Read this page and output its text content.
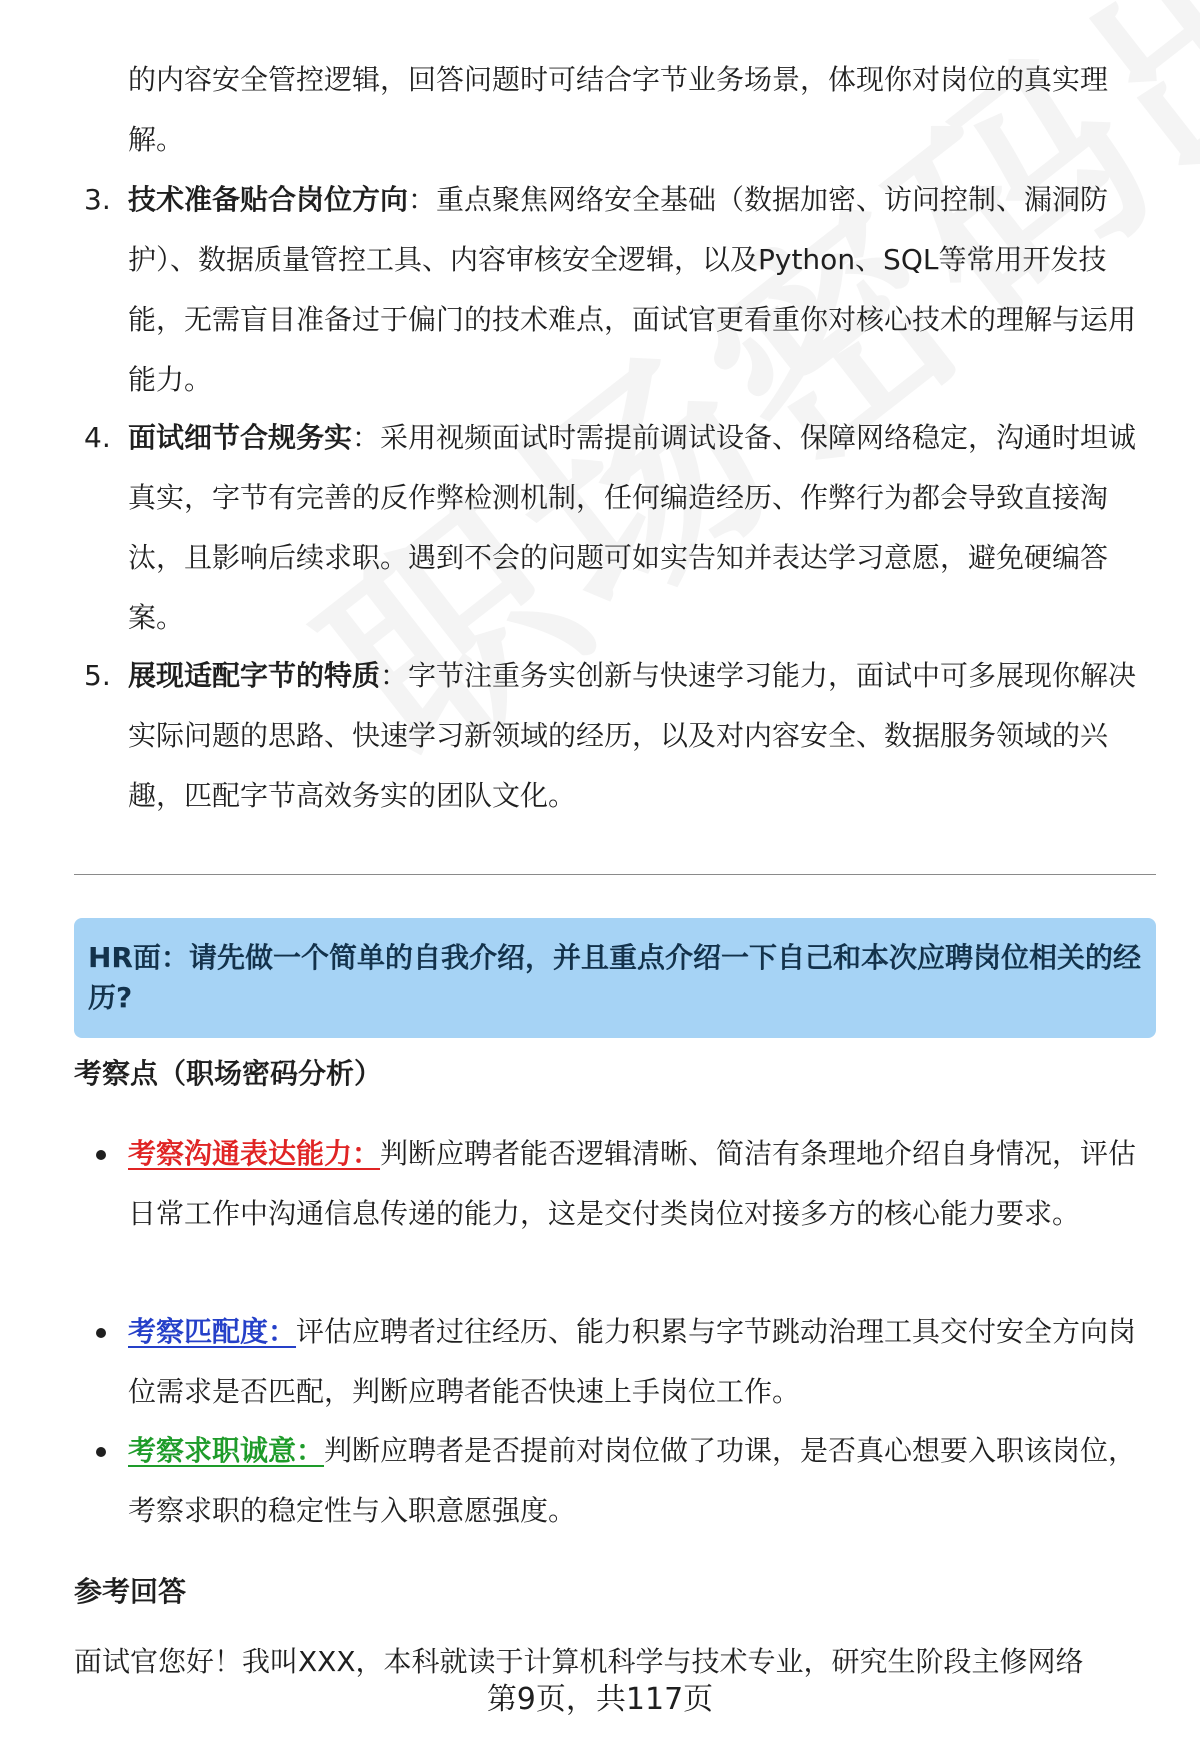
的内容安全管控逻辑，回答问题时可结合字节业务场景，体现你对岗位的真实理解。
3. 技术准备贴合岗位方向：重点聚焦网络安全基础（数据加密、访问控制、漏洞防护）、数据质量管控工具、内容审核安全逻辑，以及Python、SQL等常用开发技能，无需盲目准备过于偏门的技术难点，面试官更看重你对核心技术的理解与运用能力。
4. 面试细节合规务实：采用视频面试时需提前调试设备、保障网络稳定，沟通时坦诚真实，字节有完善的反作弊检测机制，任何编造经历、作弊行为都会导致直接淘汰，且影响后续求职。遇到不会的问题可如实告知并表达学习意愿，避免硬编答案。
5. 展现适配字节的特质：字节注重务实创新与快速学习能力，面试中可多展现你解决实际问题的思路、快速学习新领域的经历，以及对内容安全、数据服务领域的兴趣，匹配字节高效务实的团队文化。
HR面：请先做一个简单的自我介绍，并且重点介绍一下自己和本次应聘岗位相关的经历?
考察点（职场密码分析）
考察沟通表达能力：判断应聘者能否逻辑清晰、简洁有条理地介绍自身情况，评估日常工作中沟通信息传递的能力，这是交付类岗位对接多方的核心能力要求。
考察匹配度：评估应聘者过往经历、能力积累与字节跳动治理工具交付安全方向岗位需求是否匹配，判断应聘者能否快速上手岗位工作。
考察求职诚意：判断应聘者是否提前对岗位做了功课，是否真心想要入职该岗位，考察求职的稳定性与入职意愿强度。
参考回答
面试官您好！我叫XXX，本科就读于计算机科学与技术专业，研究生阶段主修网络
第9页，共117页
